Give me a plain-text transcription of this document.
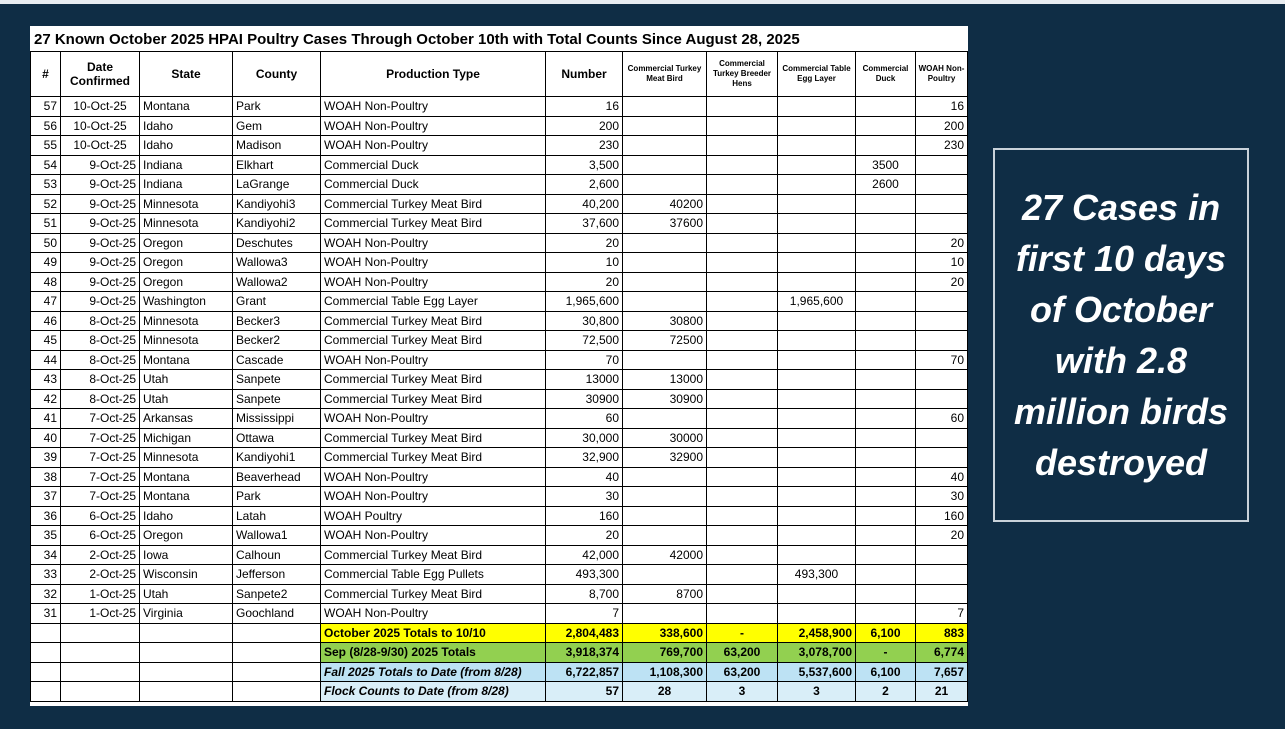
27 Known October 2025 HPAI Poultry Cases Through October 10th with Total Counts Since August 28, 2025
#	Date Confirmed	State	County	Production Type	Number	Commercial Turkey Meat Bird	Commercial Turkey Breeder Hens	Commercial Table Egg Layer	Commercial Duck	WOAH Non-Poultry
57	10-Oct-25	Montana	Park	WOAH Non-Poultry	16					16
56	10-Oct-25	Idaho	Gem	WOAH Non-Poultry	200					200
55	10-Oct-25	Idaho	Madison	WOAH Non-Poultry	230					230
54	9-Oct-25	Indiana	Elkhart	Commercial Duck	3,500				3500	
53	9-Oct-25	Indiana	LaGrange	Commercial Duck	2,600				2600	
52	9-Oct-25	Minnesota	Kandiyohi3	Commercial Turkey Meat Bird	40,200	40200				
51	9-Oct-25	Minnesota	Kandiyohi2	Commercial Turkey Meat Bird	37,600	37600				
50	9-Oct-25	Oregon	Deschutes	WOAH Non-Poultry	20					20
49	9-Oct-25	Oregon	Wallowa3	WOAH Non-Poultry	10					10
48	9-Oct-25	Oregon	Wallowa2	WOAH Non-Poultry	20					20
47	9-Oct-25	Washington	Grant	Commercial Table Egg Layer	1,965,600			1,965,600		
46	8-Oct-25	Minnesota	Becker3	Commercial Turkey Meat Bird	30,800	30800				
45	8-Oct-25	Minnesota	Becker2	Commercial Turkey Meat Bird	72,500	72500				
44	8-Oct-25	Montana	Cascade	WOAH Non-Poultry	70					70
43	8-Oct-25	Utah	Sanpete	Commercial Turkey Meat Bird	13000	13000				
42	8-Oct-25	Utah	Sanpete	Commercial Turkey Meat Bird	30900	30900				
41	7-Oct-25	Arkansas	Mississippi	WOAH Non-Poultry	60					60
40	7-Oct-25	Michigan	Ottawa	Commercial Turkey Meat Bird	30,000	30000				
39	7-Oct-25	Minnesota	Kandiyohi1	Commercial Turkey Meat Bird	32,900	32900				
38	7-Oct-25	Montana	Beaverhead	WOAH Non-Poultry	40					40
37	7-Oct-25	Montana	Park	WOAH Non-Poultry	30					30
36	6-Oct-25	Idaho	Latah	WOAH Poultry	160					160
35	6-Oct-25	Oregon	Wallowa1	WOAH Non-Poultry	20					20
34	2-Oct-25	Iowa	Calhoun	Commercial Turkey Meat Bird	42,000	42000				
33	2-Oct-25	Wisconsin	Jefferson	Commercial Table Egg Pullets	493,300			493,300		
32	1-Oct-25	Utah	Sanpete2	Commercial Turkey Meat Bird	8,700	8700				
31	1-Oct-25	Virginia	Goochland	WOAH Non-Poultry	7					7
				October 2025 Totals to 10/10	2,804,483	338,600	-	2,458,900	6,100	883
				Sep (8/28-9/30) 2025 Totals	3,918,374	769,700	63,200	3,078,700	-	6,774
				Fall 2025 Totals to Date (from 8/28)	6,722,857	1,108,300	63,200	5,537,600	6,100	7,657
				Flock Counts to Date (from 8/28)	57	28	3	3	2	21
27 Cases in first 10 days of October with 2.8 million birds destroyed
